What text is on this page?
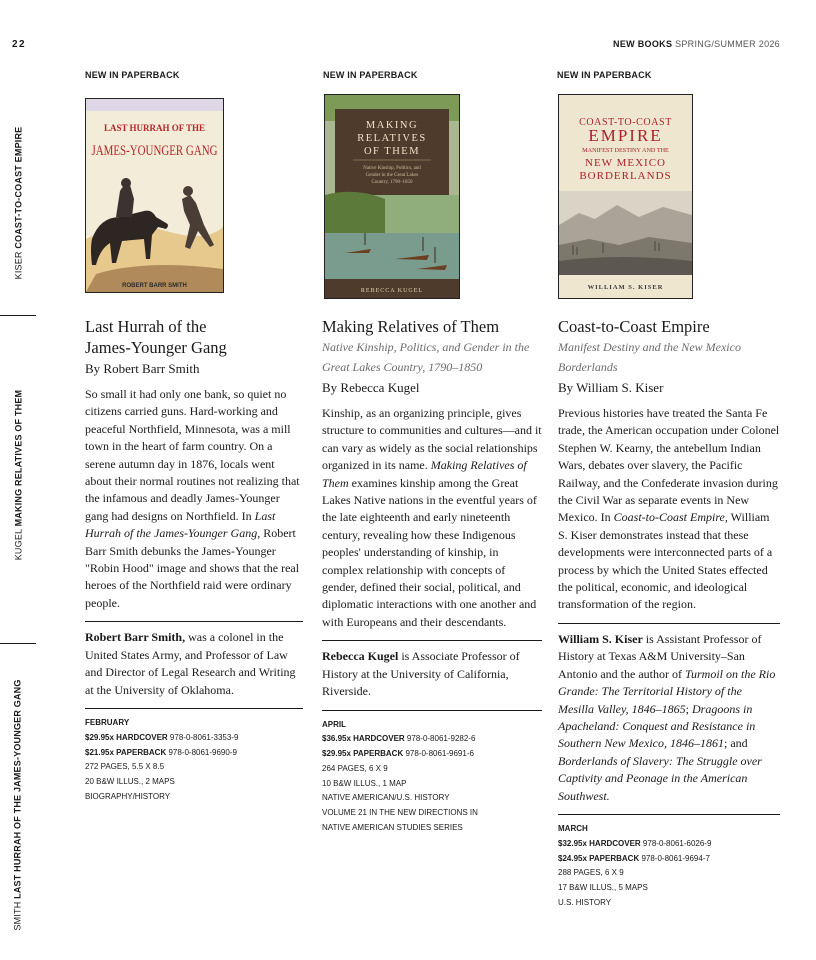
22	NEW BOOKS SPRING/SUMMER 2026
KISER COAST-TO-COAST EMPIRE
KUGEL MAKING RELATIVES OF THEM
SMITH LAST HURRAH OF THE JAMES-YOUNGER GANG
NEW IN PAPERBACK
LAST HURRAH OF THE
JAMES-YOUNGER GANG
ROBERT BARR SMITH
Last Hurrah of the
James-Younger Gang

By Robert Barr Smith

So small it had only one bank, so quiet no citizens carried guns. Hard-working and peaceful Northfield, Minnesota, was a mill town in the heart of farm country. On a serene autumn day in 1876, locals went about their normal routines not realizing that the infamous and deadly James-Younger gang had designs on Northfield. In Last Hurrah of the James-Younger Gang, Robert Barr Smith debunks the James-Younger "Robin Hood" image and shows that the real heroes of the Northfield raid were ordinary people.

Robert Barr Smith, was a colonel in the United States Army, and Professor of Law and Director of Legal Research and Writing at the University of Oklahoma.

FEBRUARY
$29.95x HARDCOVER 978-0-8061-3353-9
$21.95x PAPERBACK 978-0-8061-9690-9
272 PAGES, 5.5 X 8.5
20 B&W ILLUS., 2 MAPS
BIOGRAPHY/HISTORY
NEW IN PAPERBACK
MAKING
RELATIVES
OF THEM
Native Kinship, Politics, and
Gender in the Great Lakes
Country, 1790–1850
REBECCA KUGEL
Making Relatives of Them

Native Kinship, Politics, and Gender in the Great Lakes Country, 1790–1850

By Rebecca Kugel

Kinship, as an organizing principle, gives structure to communities and cultures—and it can vary as widely as the social relationships organized in its name. Making Relatives of Them examines kinship among the Great Lakes Native nations in the eventful years of the late eighteenth and early nineteenth century, revealing how these Indigenous peoples' understanding of kinship, in complex relationship with concepts of gender, defined their social, political, and diplomatic interactions with one another and with Europeans and their descendants.

Rebecca Kugel is Associate Professor of History at the University of California, Riverside.

APRIL
$36.95x HARDCOVER 978-0-8061-9282-6
$29.95x PAPERBACK 978-0-8061-9691-6
264 PAGES, 6 X 9
10 B&W ILLUS., 1 MAP
NATIVE AMERICAN/U.S. HISTORY
VOLUME 21 IN THE NEW DIRECTIONS IN
NATIVE AMERICAN STUDIES SERIES
NEW IN PAPERBACK
COAST-TO-COAST
EMPIRE
MANIFEST DESTINY AND THE
NEW MEXICO
BORDERLANDS
WILLIAM S. KISER
Coast-to-Coast Empire

Manifest Destiny and the New Mexico Borderlands

By William S. Kiser

Previous histories have treated the Santa Fe trade, the American occupation under Colonel Stephen W. Kearny, the antebellum Indian Wars, debates over slavery, the Pacific Railway, and the Confederate invasion during the Civil War as separate events in New Mexico. In Coast-to-Coast Empire, William S. Kiser demonstrates instead that these developments were interconnected parts of a process by which the United States effected the political, economic, and ideological transformation of the region.

William S. Kiser is Assistant Professor of History at Texas A&M University–San Antonio and the author of Turmoil on the Rio Grande: The Territorial History of the Mesilla Valley, 1846–1865; Dragoons in Apacheland: Conquest and Resistance in Southern New Mexico, 1846–1861; and Borderlands of Slavery: The Struggle over Captivity and Peonage in the American Southwest.

MARCH
$32.95x HARDCOVER 978-0-8061-6026-9
$24.95x PAPERBACK 978-0-8061-9694-7
288 PAGES, 6 X 9
17 B&W ILLUS., 5 MAPS
U.S. HISTORY
